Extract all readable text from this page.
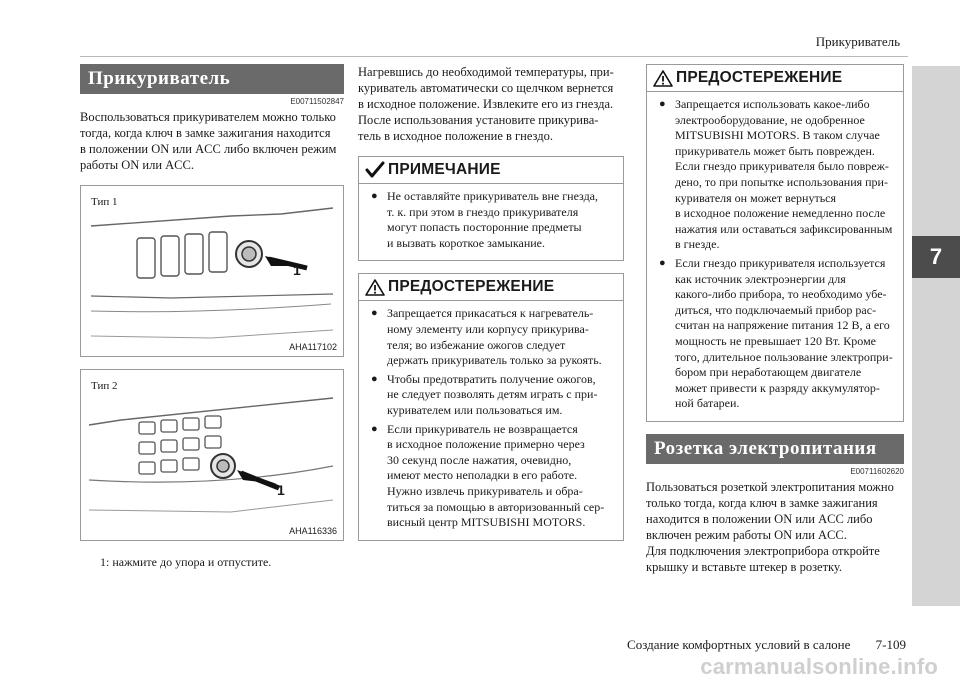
Прикуриватель
7
Прикуриватель
E00711502847
Воспользоваться прикуривателем можно только
тогда, когда ключ в замке зажигания находится
в положении ON или ACC либо включен режим
работы ON или ACC.
Тип 1
1
AHA117102
Тип 2
1
AHA116336
1: нажмите до упора и отпустите.
Нагревшись до необходимой температуры, при-
куриватель автоматически со щелчком вернется
в исходное положение. Извлеките его из гнезда.
После использования установите прикурива-
тель в исходное положение в гнездо.
ПРИМЕЧАНИЕ
● Не оставляйте прикуриватель вне гнезда,
т. к. при этом в гнездо прикуривателя
могут попасть посторонние предметы
и вызвать короткое замыкание.
ПРЕДОСТЕРЕЖЕНИЕ
● Запрещается прикасаться к нагреватель-
ному элементу или корпусу прикурива-
теля; во избежание ожогов следует
держать прикуриватель только за рукоять.
● Чтобы предотвратить получение ожогов,
не следует позволять детям играть с при-
куривателем или пользоваться им.
● Если прикуриватель не возвращается
в исходное положение примерно через
30 секунд после нажатия, очевидно,
имеют место неполадки в его работе.
Нужно извлечь прикуриватель и обра-
титься за помощью в авторизованный сер-
висный центр MITSUBISHI MOTORS.
ПРЕДОСТЕРЕЖЕНИЕ
● Запрещается использовать какое-либо
электрооборудование, не одобренное
MITSUBISHI MOTORS. В таком случае
прикуриватель может быть поврежден.
Если гнездо прикуривателя было повреж-
дено, то при попытке использования при-
куривателя он может вернуться
в исходное положение немедленно после
нажатия или оставаться зафиксированным
в гнезде.
● Если гнездо прикуривателя используется
как источник электроэнергии для
какого-либо прибора, то необходимо убе-
диться, что подключаемый прибор рас-
считан на напряжение питания 12 В, а его
мощность не превышает 120 Вт. Кроме
того, длительное пользование электропри-
бором при неработающем двигателе
может привести к разряду аккумулятор-
ной батареи.
Розетка электропитания
E00711602620
Пользоваться розеткой электропитания можно
только тогда, когда ключ в замке зажигания
находится в положении ON или ACC либо
включен режим работы ON или ACC.
Для подключения электроприбора откройте
крышку и вставьте штекер в розетку.
Создание комфортных условий в салоне 7-109
carmanualsonline.info
